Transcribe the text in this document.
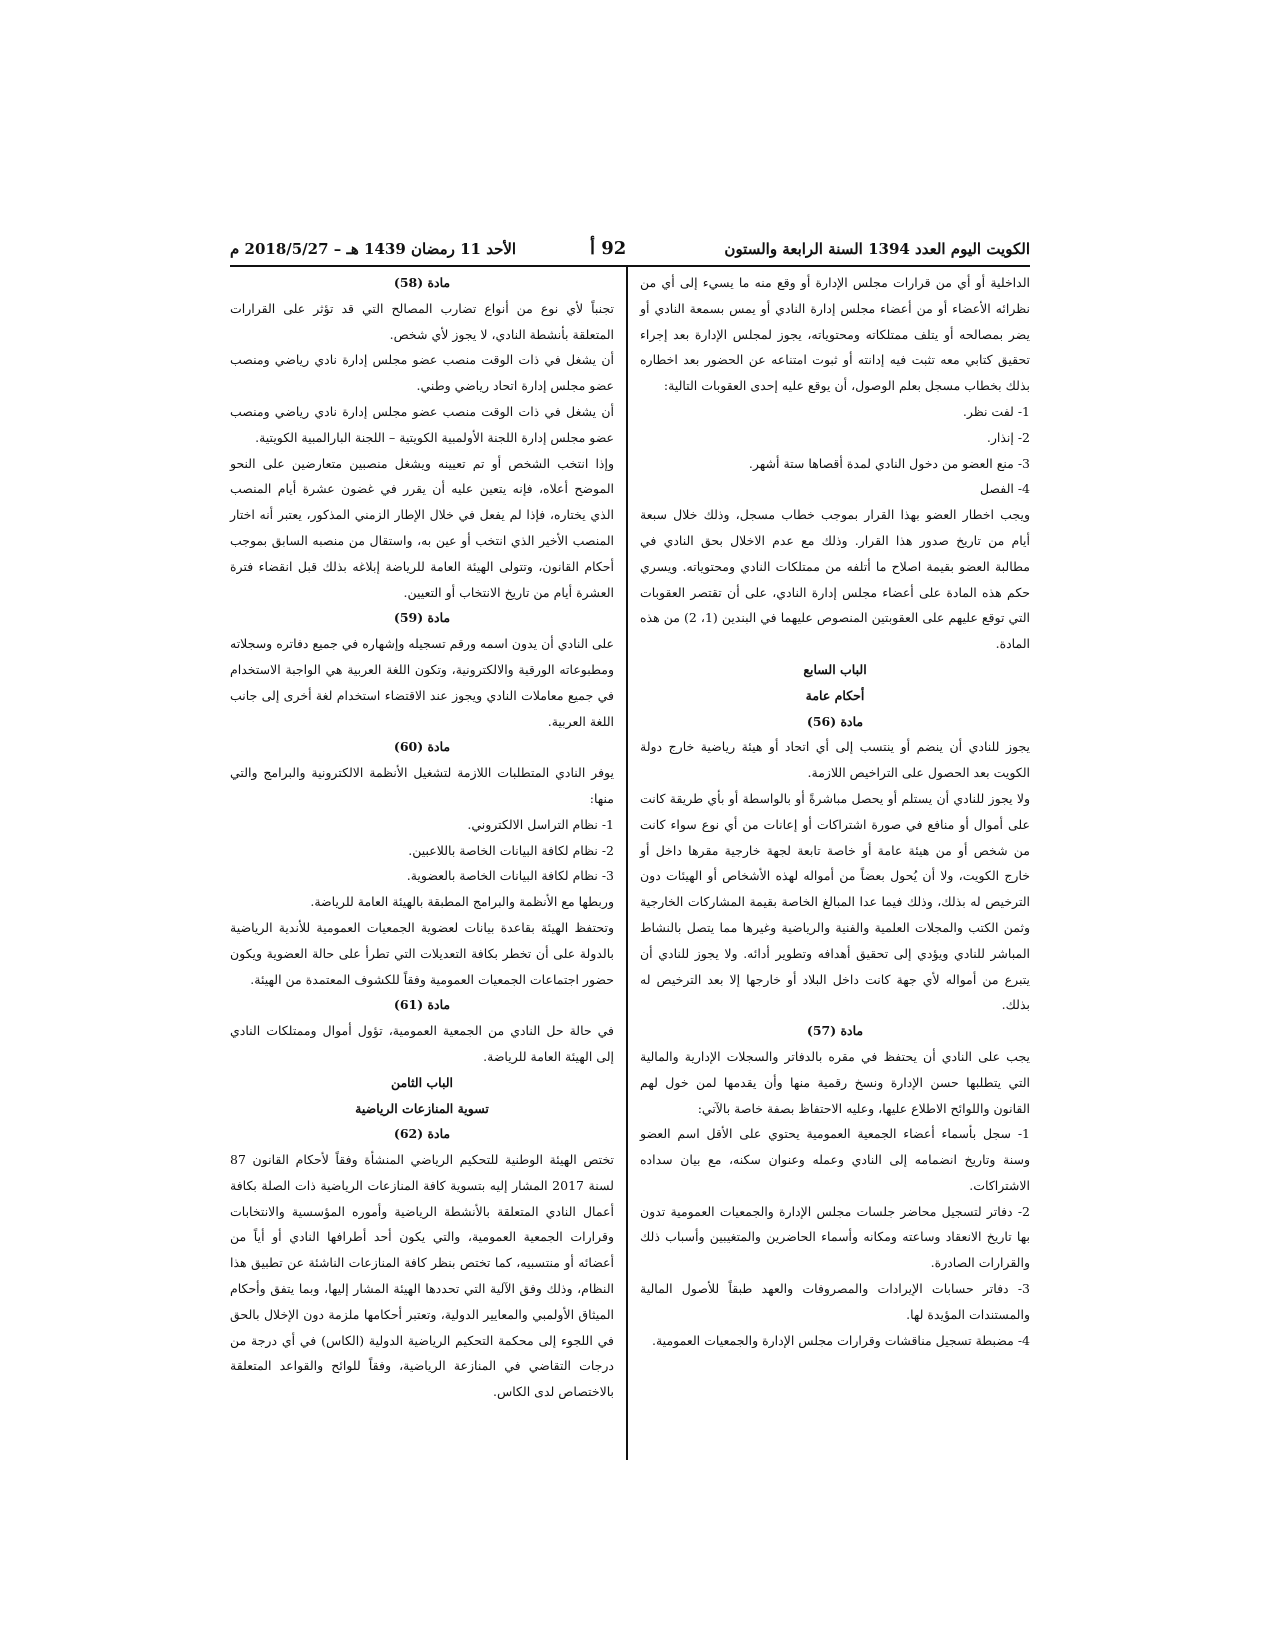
الكويت اليوم العدد 1394 السنة الرابعة والستون
92 أ
الأحد 11 رمضان 1439 هـ – 2018/5/27 م

الداخلية أو أي من قرارات مجلس الإدارة أو وقع منه ما يسيء إلى أي من نظرائه الأعضاء أو من أعضاء مجلس إدارة النادي أو يمس بسمعة النادي أو يضر بمصالحه أو يتلف ممتلكاته ومحتوياته، يجوز لمجلس الإدارة بعد إجراء تحقيق كتابي معه تثبت فيه إدانته أو ثبوت امتناعه عن الحضور بعد اخطاره بذلك بخطاب مسجل بعلم الوصول، أن يوقع عليه إحدى العقوبات التالية:

1- لفت نظر.

2- إنذار.

3- منع العضو من دخول النادي لمدة أقصاها ستة أشهر.

4- الفصل

ويجب اخطار العضو بهذا القرار بموجب خطاب مسجل، وذلك خلال سبعة أيام من تاريخ صدور هذا القرار. وذلك مع عدم الاخلال بحق النادي في مطالبة العضو بقيمة اصلاح ما أتلفه من ممتلكات النادي ومحتوياته. ويسري حكم هذه المادة على أعضاء مجلس إدارة النادي، على أن تقتصر العقوبات التي توقع عليهم على العقوبتين المنصوص عليهما في البندين (1، 2) من هذه المادة.

الباب السابع

أحكام عامة

مادة (56)

يجوز للنادي أن ينضم أو ينتسب إلى أي اتحاد أو هيئة رياضية خارج دولة الكويت بعد الحصول على التراخيص اللازمة.

ولا يجوز للنادي أن يستلم أو يحصل مباشرةً أو بالواسطة أو بأي طريقة كانت على أموال أو منافع في صورة اشتراكات أو إعانات من أي نوع سواء كانت من شخص أو من هيئة عامة أو خاصة تابعة لجهة خارجية مقرها داخل أو خارج الكويت، ولا أن يُحول بعضاً من أمواله لهذه الأشخاص أو الهيئات دون الترخيص له بذلك، وذلك فيما عدا المبالغ الخاصة بقيمة المشاركات الخارجية وثمن الكتب والمجلات العلمية والفنية والرياضية وغيرها مما يتصل بالنشاط المباشر للنادي ويؤدي إلى تحقيق أهدافه وتطوير أدائه. ولا يجوز للنادي أن يتبرع من أمواله لأي جهة كانت داخل البلاد أو خارجها إلا بعد الترخيص له بذلك.

مادة (57)

يجب على النادي أن يحتفظ في مقره بالدفاتر والسجلات الإدارية والمالية التي يتطلبها حسن الإدارة ونسخ رقمية منها وأن يقدمها لمن خول لهم القانون واللوائح الاطلاع عليها، وعليه الاحتفاظ بصفة خاصة بالآتي:

1- سجل بأسماء أعضاء الجمعية العمومية يحتوي على الأقل اسم العضو وسنة وتاريخ انضمامه إلى النادي وعمله وعنوان سكنه، مع بيان سداده الاشتراكات.

2- دفاتر لتسجيل محاضر جلسات مجلس الإدارة والجمعيات العمومية تدون بها تاريخ الانعقاد وساعته ومكانه وأسماء الحاضرين والمتغيبين وأسباب ذلك والقرارات الصادرة.

3- دفاتر حسابات الإيرادات والمصروفات والعهد طبقاً للأصول المالية والمستندات المؤيدة لها.

4- مضبطة تسجيل مناقشات وقرارات مجلس الإدارة والجمعيات العمومية.

مادة (58)

تجنباً لأي نوع من أنواع تضارب المصالح التي قد تؤثر على القرارات المتعلقة بأنشطة النادي، لا يجوز لأي شخص.

أن يشغل في ذات الوقت منصب عضو مجلس إدارة نادي رياضي ومنصب عضو مجلس إدارة اتحاد رياضي وطني.

أن يشغل في ذات الوقت منصب عضو مجلس إدارة نادي رياضي ومنصب عضو مجلس إدارة اللجنة الأولمبية الكويتية – اللجنة البارالمبية الكويتية.

وإذا انتخب الشخص أو تم تعيينه ويشغل منصبين متعارضين على النحو الموضح أعلاه، فإنه يتعين عليه أن يقرر في غضون عشرة أيام المنصب الذي يختاره، فإذا لم يفعل في خلال الإطار الزمني المذكور، يعتبر أنه اختار المنصب الأخير الذي انتخب أو عين به، واستقال من منصبه السابق بموجب أحكام القانون، وتتولى الهيئة العامة للرياضة إبلاغه بذلك قبل انقضاء فترة العشرة أيام من تاريخ الانتخاب أو التعيين.

مادة (59)

على النادي أن يدون اسمه ورقم تسجيله وإشهاره في جميع دفاتره وسجلاته ومطبوعاته الورقية والالكترونية، وتكون اللغة العربية هي الواجبة الاستخدام في جميع معاملات النادي ويجوز عند الاقتضاء استخدام لغة أخرى إلى جانب اللغة العربية.

مادة (60)

يوفر النادي المتطلبات اللازمة لتشغيل الأنظمة الالكترونية والبرامج والتي منها:

1- نظام التراسل الالكتروني.

2- نظام لكافة البيانات الخاصة باللاعبين.

3- نظام لكافة البيانات الخاصة بالعضوية.

وربطها مع الأنظمة والبرامج المطبقة بالهيئة العامة للرياضة.

وتحتفظ الهيئة بقاعدة بيانات لعضوية الجمعيات العمومية للأندية الرياضية بالدولة على أن تخطر بكافة التعديلات التي تطرأ على حالة العضوية ويكون حضور اجتماعات الجمعيات العمومية وفقاً للكشوف المعتمدة من الهيئة.

مادة (61)

في حالة حل النادي من الجمعية العمومية، تؤول أموال وممتلكات النادي إلى الهيئة العامة للرياضة.

الباب الثامن

تسوية المنازعات الرياضية

مادة (62)

تختص الهيئة الوطنية للتحكيم الرياضي المنشأة وفقاً لأحكام القانون 87 لسنة 2017 المشار إليه بتسوية كافة المنازعات الرياضية ذات الصلة بكافة أعمال النادي المتعلقة بالأنشطة الرياضية وأموره المؤسسية والانتخابات وقرارات الجمعية العمومية، والتي يكون أحد أطرافها النادي أو أياً من أعضائه أو منتسبيه، كما تختص بنظر كافة المنازعات الناشئة عن تطبيق هذا النظام، وذلك وفق الآلية التي تحددها الهيئة المشار إليها، وبما يتفق وأحكام الميثاق الأولمبي والمعايير الدولية، وتعتبر أحكامها ملزمة دون الإخلال بالحق في اللجوء إلى محكمة التحكيم الرياضية الدولية (الكاس) في أي درجة من درجات التقاضي في المنازعة الرياضية، وفقاً للوائح والقواعد المتعلقة بالاختصاص لدى الكاس.
